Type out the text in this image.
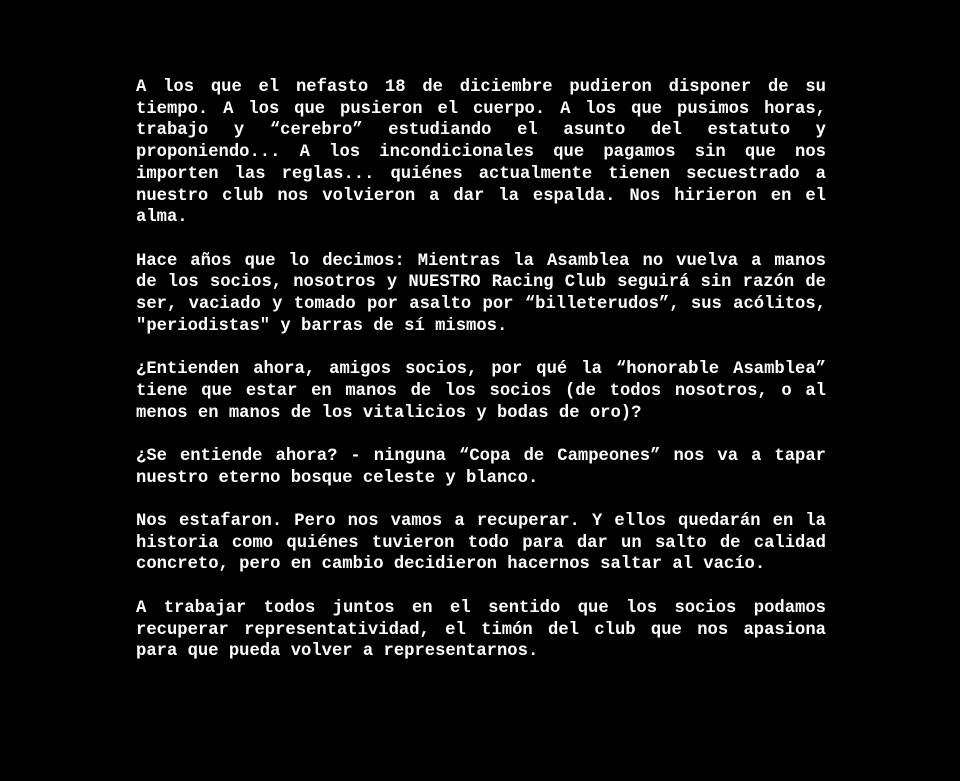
A los que el nefasto 18 de diciembre pudieron disponer de su tiempo. A los que pusieron el cuerpo. A los que pusimos horas, trabajo y “cerebro” estudiando el asunto del estatuto y proponiendo... A los incondicionales que pagamos sin que nos importen las reglas... quiénes actualmente tienen secuestrado a nuestro club nos volvieron a dar la espalda. Nos hirieron en el alma.

Hace años que lo decimos: Mientras la Asamblea no vuelva a manos de los socios, nosotros y NUESTRO Racing Club seguirá sin razón de ser, vaciado y tomado por asalto por “billeterudos”, sus acólitos, "periodistas" y barras de sí mismos.

¿Entienden ahora, amigos socios, por qué la “honorable Asamblea” tiene que estar en manos de los socios (de todos nosotros, o al menos en manos de los vitalicios y bodas de oro)?

¿Se entiende ahora? - ninguna “Copa de Campeones” nos va a tapar nuestro eterno bosque celeste y blanco.

Nos estafaron. Pero nos vamos a recuperar. Y ellos quedarán en la historia como quiénes tuvieron todo para dar un salto de calidad concreto, pero en cambio decidieron hacernos saltar al vacío.

A trabajar todos juntos en el sentido que los socios podamos recuperar representatividad, el timón del club que nos apasiona para que pueda volver a representarnos.
